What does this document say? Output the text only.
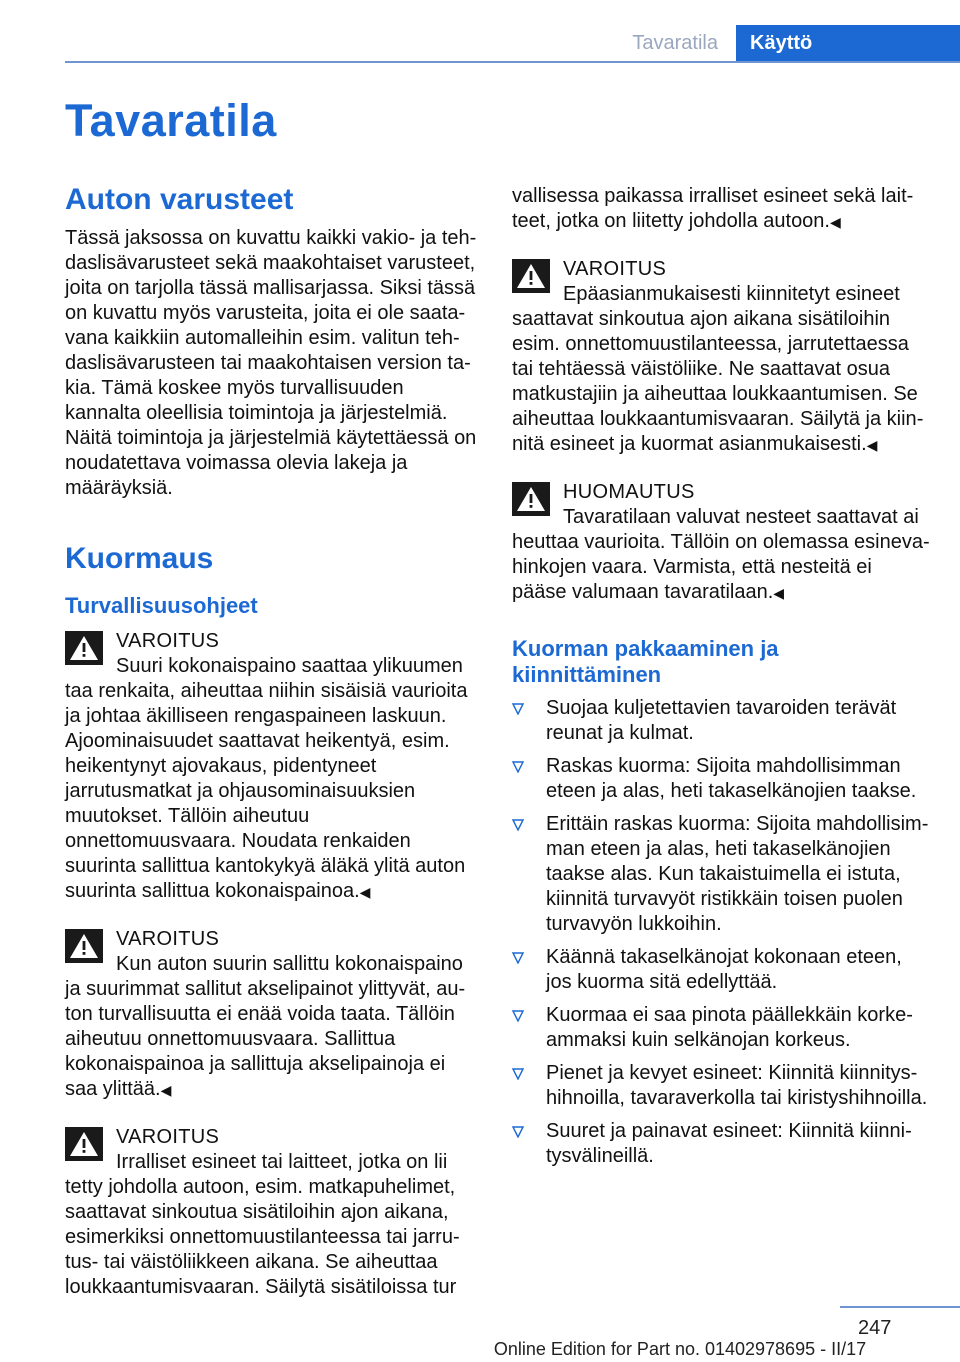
Tavaratila	Käyttö
Tavaratila
Auton varusteet

Tässä jaksossa on kuvattu kaikki vakio- ja tehdaslisävarusteet sekä maakohtaiset varusteet, joita on tarjolla tässä mallisarjassa. Siksi tässä on kuvattu myös varusteita, joita ei ole saatavana kaikkiin automalleihin esim. valitun tehdaslisävarusteen tai maakohtaisen version takia. Tämä koskee myös turvallisuuden kannalta oleellisia toimintoja ja järjestelmiä. Näitä toimintoja ja järjestelmiä käytettäessä on noudatettava voimassa olevia lakeja ja määräyksiä.

Kuormaus
Turvallisuusohjeet

VAROITUS

Suuri kokonaispaino saattaa ylikuumen

taa renkaita, aiheuttaa niihin sisäisiä vaurioita ja johtaa äkilliseen rengaspaineen laskuun. Ajoominaisuudet saattavat heikentyä, esim. heikentynyt ajovakaus, pidentyneet jarrutusmatkat ja ohjausominaisuuksien muutokset. Tällöin aiheutuu onnettomuusvaara. Noudata renkaiden suurinta sallittua kantokykyä äläkä ylitä auton suurinta sallittua kokonaispainoa.◀

VAROITUS

Kun auton suurin sallittu kokonaispaino

ja suurimmat sallitut akselipainot ylittyvät, auton turvallisuutta ei enää voida taata. Tällöin aiheutuu onnettomuusvaara. Sallittua kokonaispainoa ja sallittuja akselipainoja ei saa ylittää.◀

VAROITUS

Irralliset esineet tai laitteet, jotka on lii

tetty johdolla autoon, esim. matkapuhelimet, saattavat sinkoutua sisätiloihin ajon aikana, esimerkiksi onnettomuustilanteessa tai jarrutus- tai väistöliikkeen aikana. Se aiheuttaa loukkaantumisvaaran. Säilytä sisätiloissa tur

vallisessa paikassa irralliset esineet sekä laitteet, jotka on liitetty johdolla autoon.◀

VAROITUS

Epäasianmukaisesti kiinnitetyt esineet

saattavat sinkoutua ajon aikana sisätiloihin esim. onnettomuustilanteessa, jarrutettaessa tai tehtäessä väistöliike. Ne saattavat osua matkustajiin ja aiheuttaa loukkaantumisen. Se aiheuttaa loukkaantumisvaaran. Säilytä ja kiinnitä esineet ja kuormat asianmukaisesti.◀

HUOMAUTUS

Tavaratilaan valuvat nesteet saattavat ai

heuttaa vaurioita. Tällöin on olemassa esinevahinkojen vaara. Varmista, että nesteitä ei pääse valumaan tavaratilaan.◀

Kuorman pakkaaminen ja kiinnittäminen
Suojaa kuljetettavien tavaroiden terävät reunat ja kulmat.
Raskas kuorma: Sijoita mahdollisimman eteen ja alas, heti takaselkänojien taakse.
Erittäin raskas kuorma: Sijoita mahdollisimman eteen ja alas, heti takaselkänojien taakse alas. Kun takaistuimella ei istuta, kiinnitä turvavyöt ristikkäin toisen puolen turvavyön lukkoihin.
Käännä takaselkänojat kokonaan eteen, jos kuorma sitä edellyttää.
Kuormaa ei saa pinota päällekkäin korkeammaksi kuin selkänojan korkeus.
Pienet ja kevyet esineet: Kiinnitä kiinnityshihnoilla, tavaraverkolla tai kiristyshihnoilla.
Suuret ja painavat esineet: Kiinnitä kiinnitysvälineillä.
247
Online Edition for Part no. 01402978695 - II/17
